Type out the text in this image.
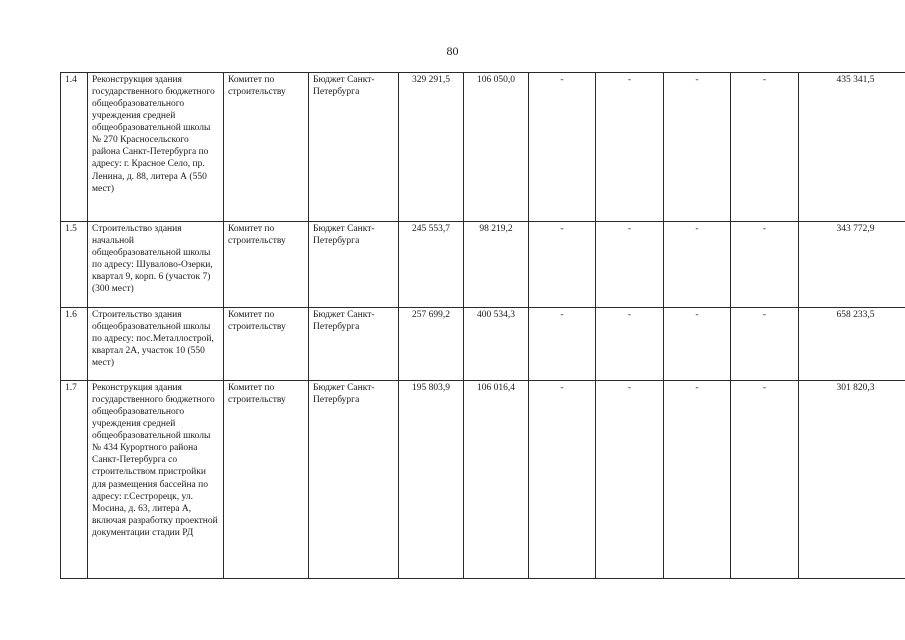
80
1.4	Реконструкция здания государственного бюджетного общеобразовательного учреждения средней общеобразовательной школы № 270 Красносельского района Санкт-Петербурга по адресу: г. Красное Село, пр. Ленина, д. 88, литера А (550 мест)	Комитет по строительству	Бюджет Санкт-Петербурга	329 291,5	106 050,0	-	-	-	-	435 341,5
1.5	Строительство здания начальной общеобразовательной школы по адресу: Шувалово-Озерки, квартал 9, корп. 6 (участок 7) (300 мест)	Комитет по строительству	Бюджет Санкт-Петербурга	245 553,7	98 219,2	-	-	-	-	343 772,9
1.6	Строительство здания общеобразовательной школы по адресу: пос.Металлострой, квартал 2А, участок 10 (550 мест)	Комитет по строительству	Бюджет Санкт-Петербурга	257 699,2	400 534,3	-	-	-	-	658 233,5
1.7	Реконструкция здания государственного бюджетного общеобразовательного учреждения средней общеобразовательной школы № 434 Курортного района Санкт-Петербурга со строительством пристройки для размещения бассейна по адресу: г.Сестрорецк, ул. Мосина, д. 63, литера А, включая разработку проектной документации стадии РД	Комитет по строительству	Бюджет Санкт-Петербурга	195 803,9	106 016,4	-	-	-	-	301 820,3
